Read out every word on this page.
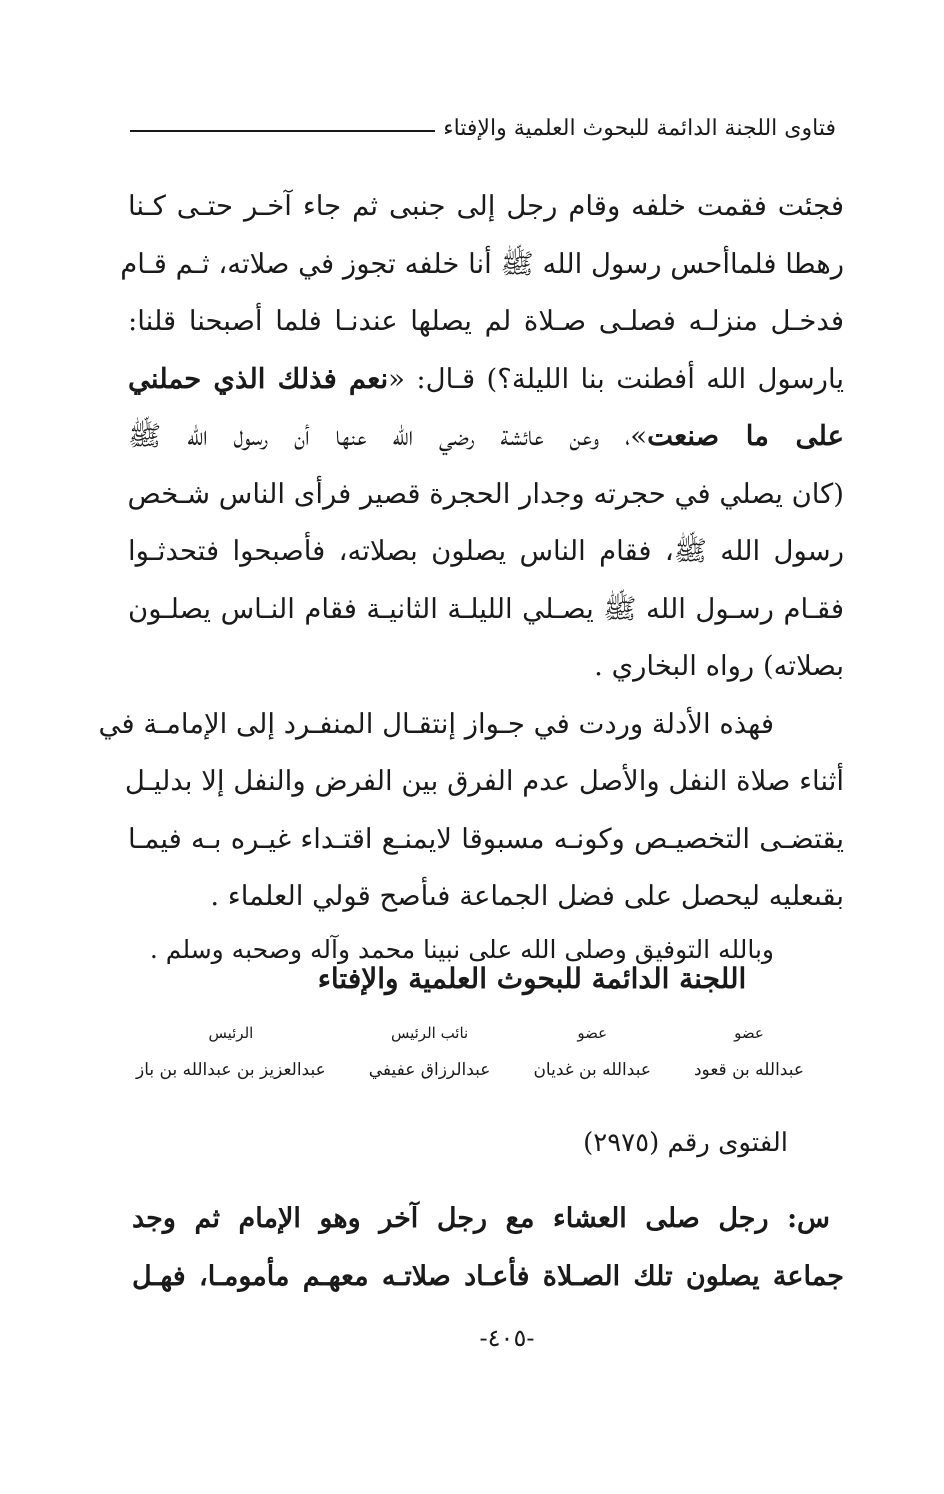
فتاوى اللجنة الدائمة للبحوث العلمية والإفتاء
فجئت فقمت خلفه وقام رجل إلى جنبى ثم جاء آخـر حتـى كـنا
رهطا فلماأحس رسول الله ﷺ أنا خلفه تجوز في صلاته، ثـم قـام
فدخـل منزلـه فصلـى صـلاة لم يصلها عندنـا فلما أصبحنا قلنا:
يارسول الله أفطنت بنا الليلة؟) قـال: «نعم فذلك الذي حملني
على ما صنعت»، وعن عائشة رضي الله عنها أن رسول الله ﷺ
(كان يصلي في حجرته وجدار الحجرة قصير فرأى الناس شـخص
رسول الله ﷺ، فقام الناس يصلون بصلاته، فأصبحوا فتحدثـوا
فقـام رسـول الله ﷺ يصـلي الليلـة الثانيـة فقام النـاس يصلـون
بصلاته) رواه البخاري .
فهذه الأدلة وردت في جـواز إنتقـال المنفـرد إلى الإمامـة في
أثناء صلاة النفل والأصل عدم الفرق بين الفرض والنفل إلا بدليـل
يقتضـى التخصيـص وكونـه مسبوقا لايمنـع اقتـداء غيـره بـه فيمـا
بقىعليه ليحصل على فضل الجماعة فىأصح قولي العلماء .
وبالله التوفيق وصلى الله على نبينا محمد وآله وصحبه وسلم .
اللجنة الدائمة للبحوث العلمية والإفتاء
عضو
عبدالله بن قعود
عضو
عبدالله بن غديان
نائب الرئيس
عبدالرزاق عفيفي
الرئيس
عبدالعزيز بن عبدالله بن باز
الفتوى رقم (٢٩٧٥)
س: رجل صلى العشاء مع رجل آخر وهو الإمام ثم وجد
جماعة يصلون تلك الصـلاة فأعـاد صلاتـه معهـم مأمومـا، فهـل
-٤٠٥-
